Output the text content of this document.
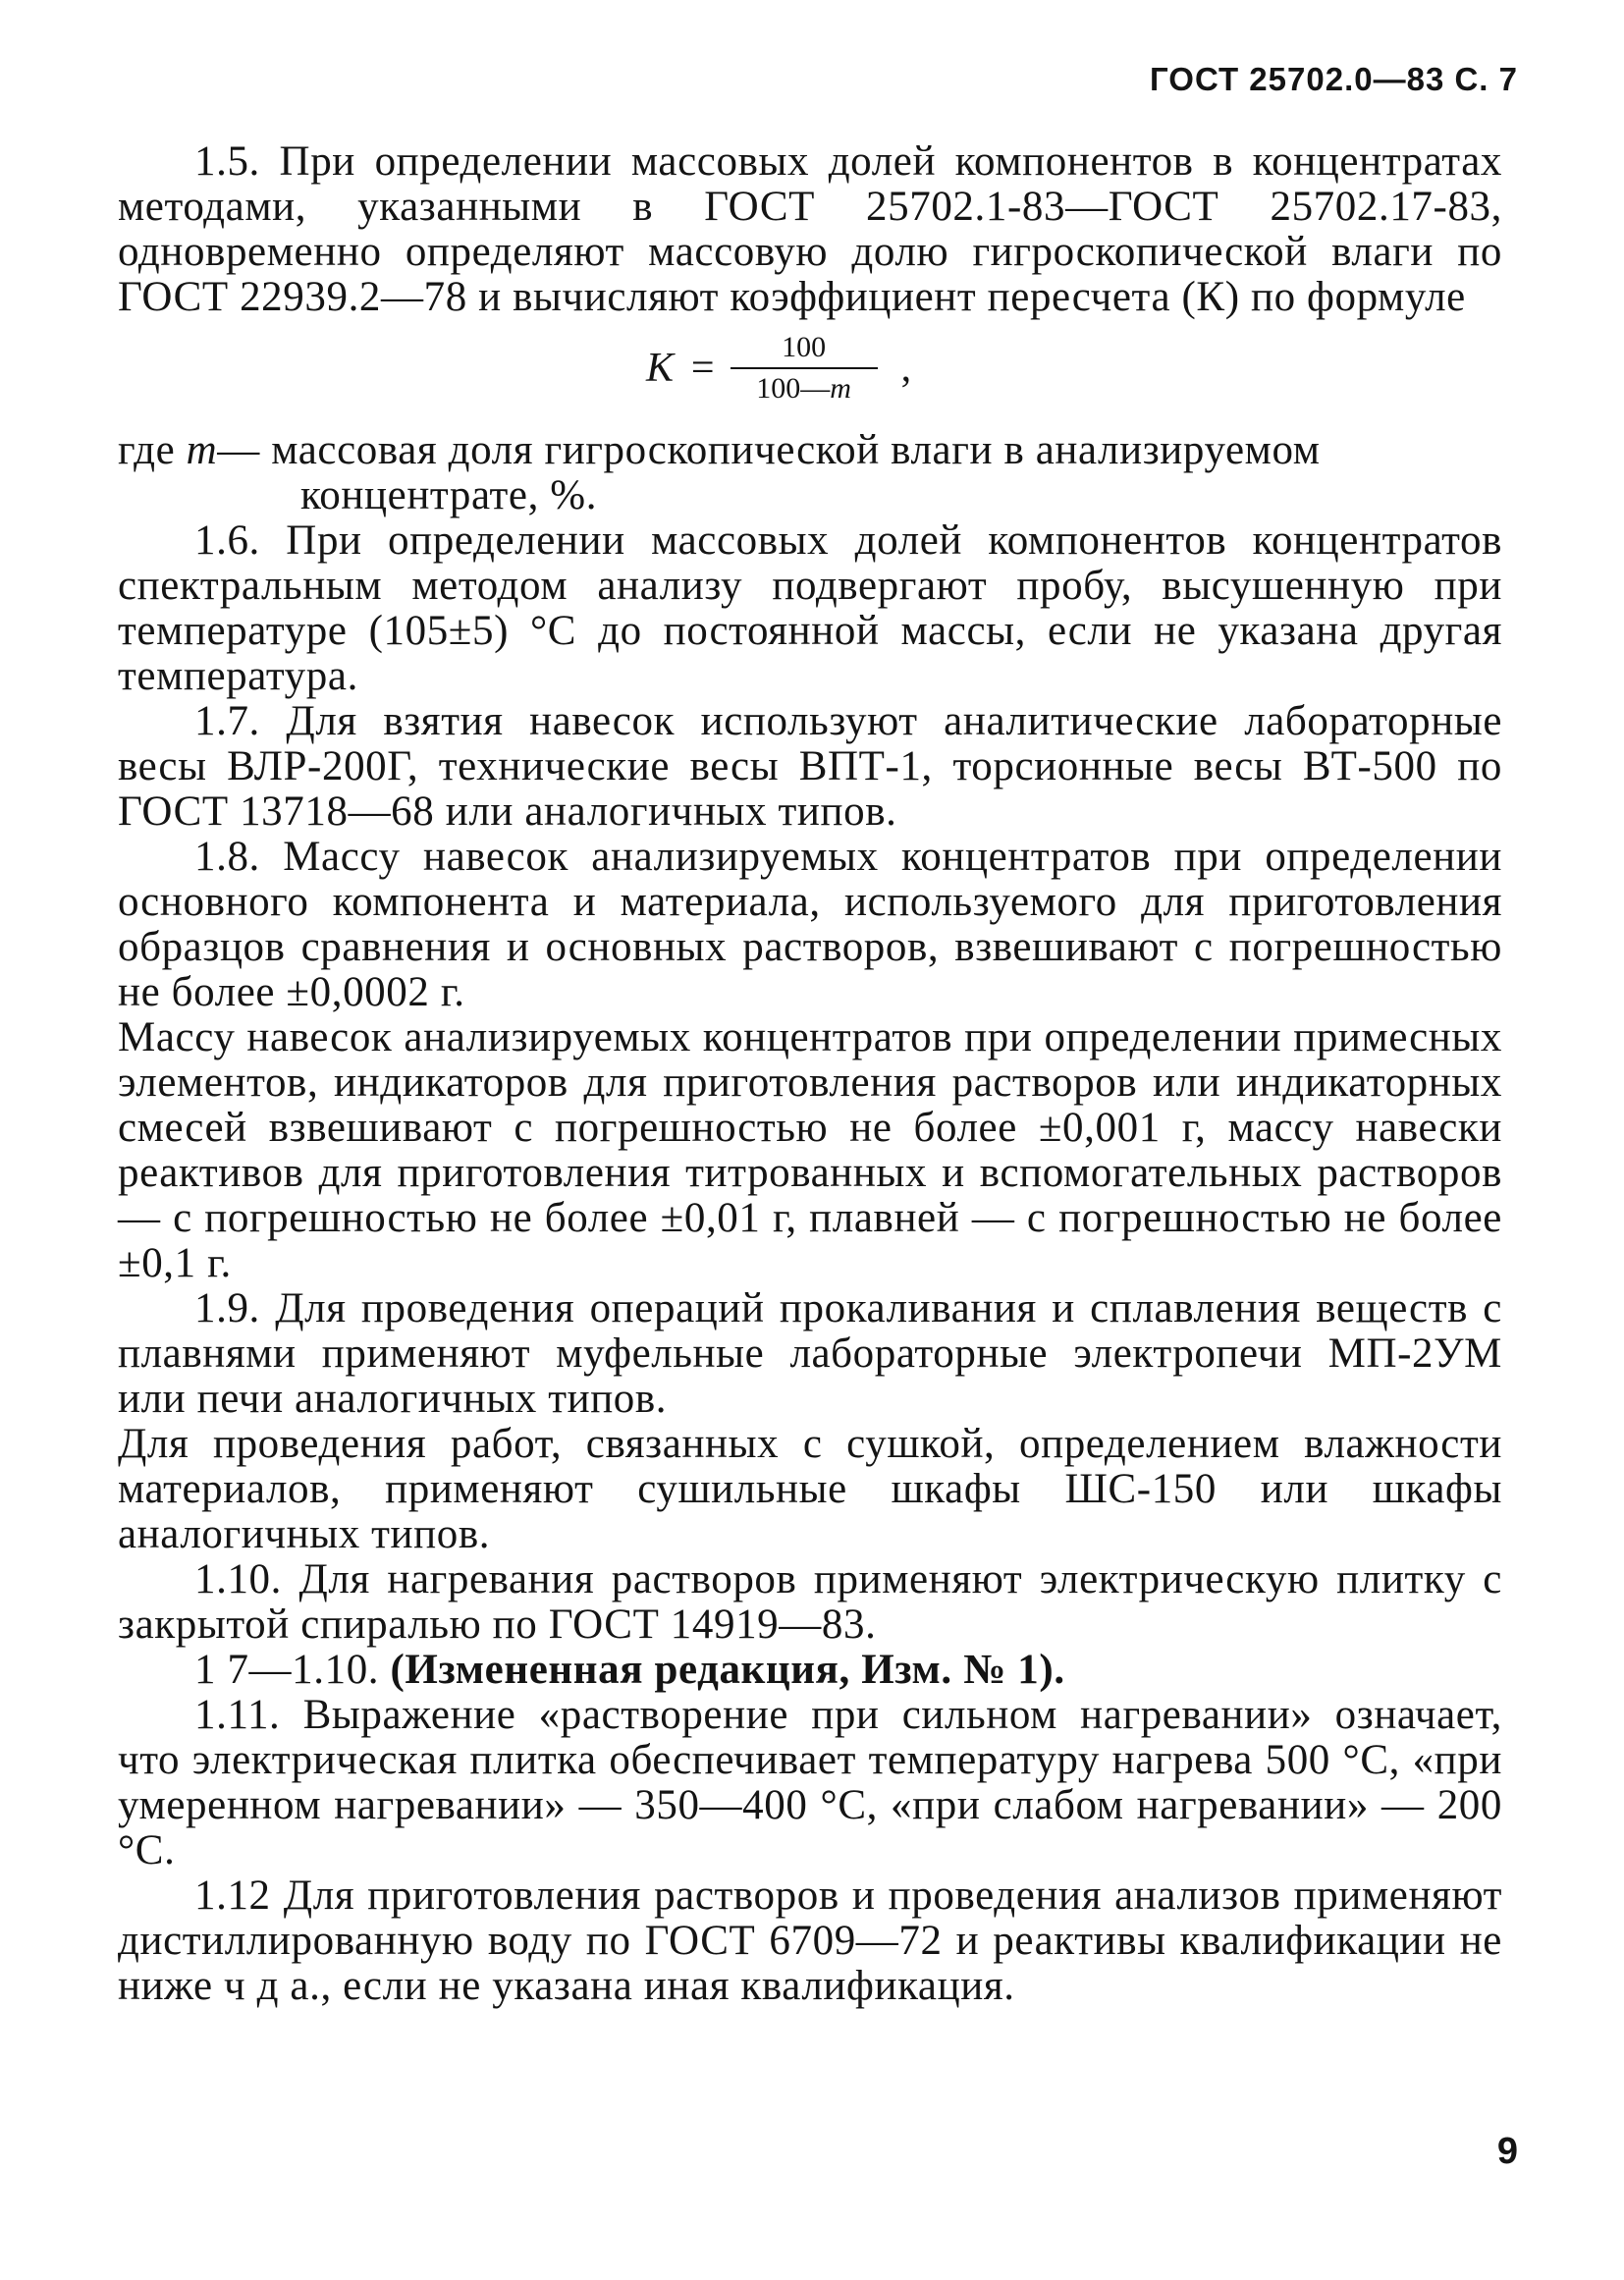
ГОСТ 25702.0—83 С. 7

1.5. При определении массовых долей компонентов в концентратах методами, указанными в ГОСТ 25702.1-83—ГОСТ 25702.17-83, одновременно определяют массовую долю гигроскопической влаги по ГОСТ 22939.2—78 и вычисляют коэффициент пересчета (К) по формуле

$К = \frac{100}{100—m}$ ,

где m— массовая доля гигроскопической влаги в анализируемом

концентрате, %.

1.6. При определении массовых долей компонентов концентратов спектральным методом анализу подвергают пробу, высушенную при температуре (105±5) °С до постоянной массы, если не указана другая температура.

1.7. Для взятия навесок используют аналитические лабораторные весы ВЛР-200Г, технические весы ВПТ-1, торсионные весы ВТ-500 по ГОСТ 13718—68 или аналогичных типов.

1.8. Массу навесок анализируемых концентратов при определении основного компонента и материала, используемого для приготовления образцов сравнения и основных растворов, взвешивают с погрешностью не более ±0,0002 г.

Массу навесок анализируемых концентратов при определении примесных элементов, индикаторов для приготовления растворов или индикаторных смесей взвешивают с погрешностью не более ±0,001 г, массу навески реактивов для приготовления титрованных и вспомогательных растворов — с погрешностью не более ±0,01 г, плавней — с погрешностью не более ±0,1 г.

1.9. Для проведения операций прокаливания и сплавления веществ с плавнями применяют муфельные лабораторные электропечи МП-2УМ или печи аналогичных типов.

Для проведения работ, связанных с сушкой, определением влажности материалов, применяют сушильные шкафы ШС-150 или шкафы аналогичных типов.

1.10. Для нагревания растворов применяют электрическую плитку с закрытой спиралью по ГОСТ 14919—83.

1 7—1.10. (Измененная редакция, Изм. № 1).

1.11. Выражение «растворение при сильном нагревании» означает, что электрическая плитка обеспечивает температуру нагрева 500 °С, «при умеренном нагревании» — 350—400 °С, «при слабом нагревании» — 200 °С.

1.12 Для приготовления растворов и проведения анализов применяют дистиллированную воду по ГОСТ 6709—72 и реактивы квалификации не ниже ч д а., если не указана иная квалификация.

9
